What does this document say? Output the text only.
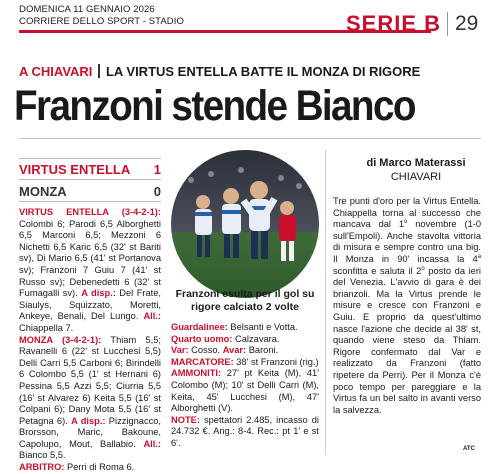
DOMENICA 11 GENNAIO 2026
CORRIERE DELLO SPORT - STADIO	SERIE B 29
A CHIAVARI LA VIRTUS ENTELLA BATTE IL MONZA DI RIGORE
Franzoni stende Bianco
VIRTUS ENTELLA 1
MONZA	0
VIRTUS ENTELLA (3-4-2-1): Colombi 6; Parodi 6,5 Alborghetti 6,5 Marconi 6,5; Mezzoni 6 Nichetti 6,5 Karic 6,5 (32' st Bariti sv), Di Mario 6,5 (41' st Portanova sv); Franzoni 7 Guiu 7 (41' st Russo sv); Debenedetti 6 (32' st Fumagalli sv). A disp.: Del Frate, Siaulys, Squizzato, Moretti, Ankeye, Benali, Del Lungo. All.: Chiappella 7.
MONZA (3-4-2-1): Thiam 5,5; Ravanelli 6 (22' st Lucchesi 5,5) Delli Carri 5,5 Carboni 6; Birindelli 6 Colombo 5,5 (1' st Hernani 6) Pessina 5,5 Azzi 5,5; Ciurria 5,5 (16' st Alvarez 6) Keita 5,5 (16' st Colpani 6); Dany Mota 5,5 (16' st Petagna 6). A disp.: Pizzignacco, Brorsson, Maric, Bakoune, Capolupo, Mout, Ballabio. All.: Bianco 5,5.
ARBITRO: Perri di Roma 6.
Franzoni esulta per il gol su rigore calciato 2 volte
Guardalinee: Belsanti e Votta.
Quarto uomo: Calzavara.
Var: Cosso. Avar: Baroni.
MARCATORE: 38' st Franzoni (rig.)
AMMONITI: 27' pt Keita (M), 41' Colombo (M); 10' st Delli Carri (M), Keita, 45' Lucchesi (M), 47' Alborghetti (V).
NOTE: spettatori 2.485, incasso di 24.732 €. Ang.: 8-4. Rec.: pt 1' e st 6'.
di Marco Materassi
CHIAVARI
Tre punti d'oro per la Virtus Entella. Chiappella torna al successo che mancava dal 1$^o$ novembre (1-0 sull'Empoli). Anche stavolta vittoria di misura e sempre contro una big. Il Monza in 90' incassa la 4$^a$ sconfitta e saluta il 2$^o$ posto da ieri del Venezia. L'avvio di gara è dei brianzoli. Ma la Virtus prende le misure e cresce con Franzoni e Guiu. E proprio da quest'ultimo nasce l'azione che decide al 38' st, quando viene steso da Thiam. Rigore confermato dal Var e realizzato da Franzoni (fatto ripetere da Perri). Per il Monza c'è poco tempo per pareggiare e la Virtus fa un bel salto in avanti verso la salvezza.
ATC
